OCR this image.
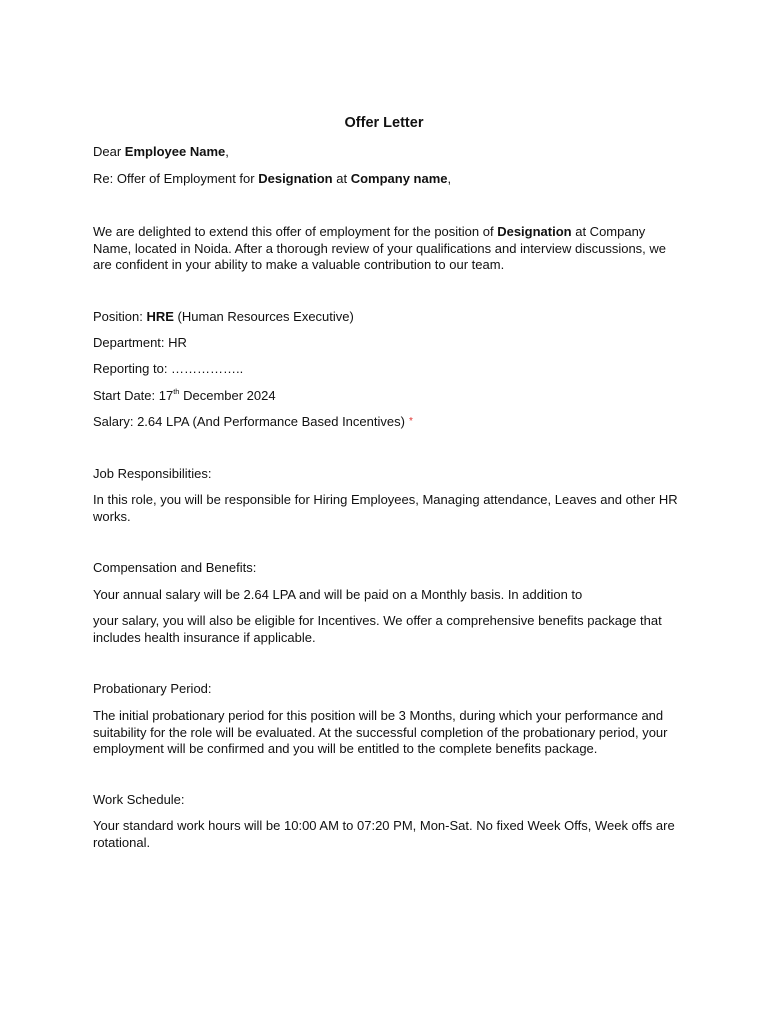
Offer Letter
Dear Employee Name,
Re: Offer of Employment for Designation at Company name,
We are delighted to extend this offer of employment for the position of Designation at Company Name, located in Noida. After a thorough review of your qualifications and interview discussions, we are confident in your ability to make a valuable contribution to our team.
Position: HRE (Human Resources Executive)
Department: HR
Reporting to: ……………..
Start Date: 17th December 2024
Salary: 2.64 LPA (And Performance Based Incentives) *
Job Responsibilities:
In this role, you will be responsible for Hiring Employees, Managing attendance, Leaves and other HR works.
Compensation and Benefits:
Your annual salary will be 2.64 LPA and will be paid on a Monthly basis. In addition to
your salary, you will also be eligible for Incentives. We offer a comprehensive benefits package that includes health insurance if applicable.
Probationary Period:
The initial probationary period for this position will be 3 Months, during which your performance and suitability for the role will be evaluated. At the successful completion of the probationary period, your employment will be confirmed and you will be entitled to the complete benefits package.
Work Schedule:
Your standard work hours will be 10:00 AM to 07:20 PM, Mon-Sat. No fixed Week Offs, Week offs are rotational.
